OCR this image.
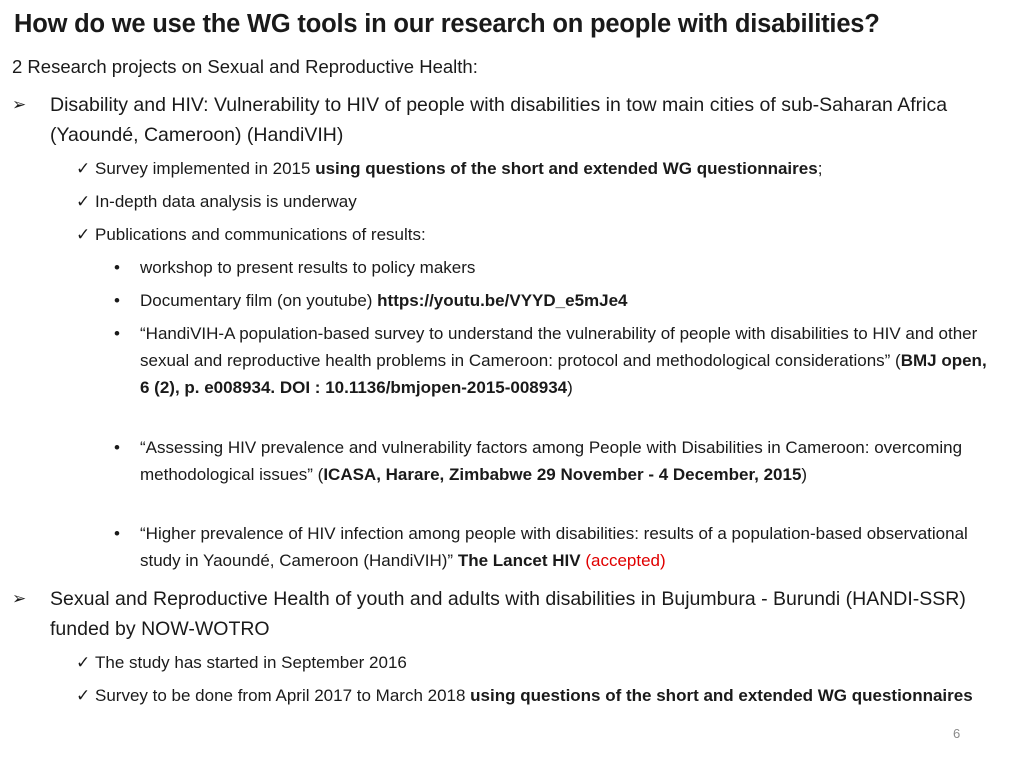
How do we use the WG tools in our research on people with disabilities?
2 Research projects on Sexual and Reproductive Health:
➢	Disability and HIV: Vulnerability to HIV of people with disabilities in tow main cities of sub-Saharan Africa (Yaoundé, Cameroon) (HandiVIH)
✓ Survey implemented in 2015 using questions of the short and extended WG questionnaires;
✓ In-depth data analysis is underway
✓ Publications and communications of results:
•	workshop to present results to policy makers
•	Documentary film (on youtube) https://youtu.be/VYYD_e5mJe4
•	“HandiVIH-A population-based survey to understand the vulnerability of people with disabilities to HIV and other sexual and reproductive health problems in Cameroon: protocol and methodological considerations” (BMJ open, 6 (2), p. e008934. DOI : 10.1136/bmjopen-2015-008934)
•	“Assessing HIV prevalence and vulnerability factors among People with Disabilities in Cameroon: overcoming methodological issues” (ICASA, Harare, Zimbabwe 29 November - 4 December, 2015)
•	“Higher prevalence of HIV infection among people with disabilities: results of a population-based observational study in Yaoundé, Cameroon (HandiVIH)” The Lancet HIV (accepted)
➢	Sexual and Reproductive Health of youth and adults with disabilities in Bujumbura - Burundi (HANDI-SSR) funded by NOW-WOTRO
✓ The study has started in September 2016
✓ Survey to be done from April 2017 to March 2018 using questions of the short and extended WG questionnaires
6
